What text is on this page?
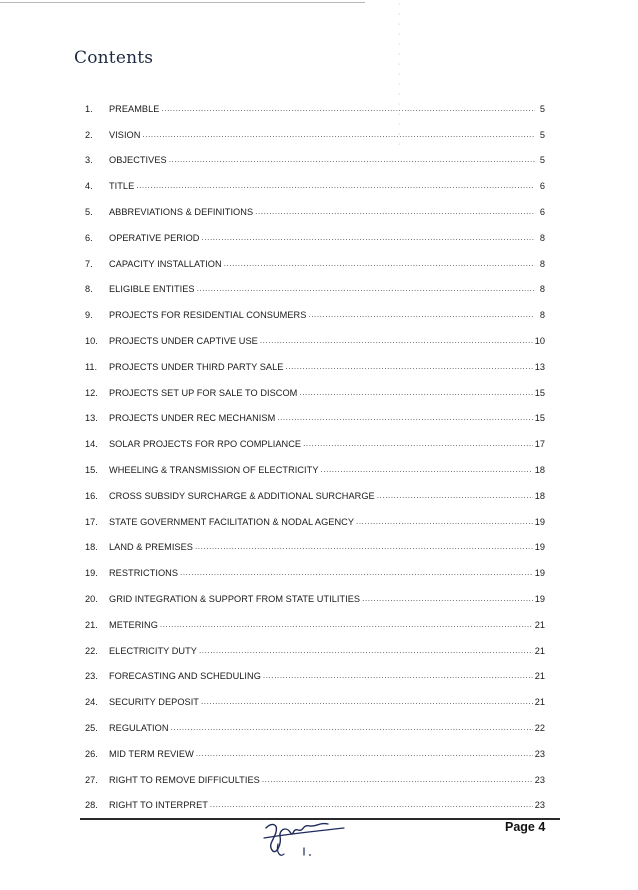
·
·
·
·
·
·
·
·
·
·
·
·
·
·
·
Contents
1.	PREAMBLE .....	5
2.	VISION .....	5
3.	OBJECTIVES .....	5
4.	TITLE .....	6
5.	ABBREVIATIONS & DEFINITIONS .....	6
6.	OPERATIVE PERIOD .....	8
7.	CAPACITY INSTALLATION .....	8
8.	ELIGIBLE ENTITIES .....	8
9.	PROJECTS FOR RESIDENTIAL CONSUMERS .....	8
10.	PROJECTS UNDER CAPTIVE USE .....	10
11.	PROJECTS UNDER THIRD PARTY SALE .....	13
12.	PROJECTS SET UP FOR SALE TO DISCOM .....	15
13.	PROJECTS UNDER REC MECHANISM .....	15
14.	SOLAR PROJECTS FOR RPO COMPLIANCE .....	17
15.	WHEELING & TRANSMISSION OF ELECTRICITY .....	18
16.	CROSS SUBSIDY SURCHARGE & ADDITIONAL SURCHARGE .....	18
17.	STATE GOVERNMENT FACILITATION & NODAL AGENCY .....	19
18.	LAND & PREMISES .....	19
19.	RESTRICTIONS .....	19
20.	GRID INTEGRATION & SUPPORT FROM STATE UTILITIES .....	19
21.	METERING .....	21
22.	ELECTRICITY DUTY .....	21
23.	FORECASTING AND SCHEDULING .....	21
24.	SECURITY DEPOSIT .....	21
25.	REGULATION .....	22
26.	MID TERM REVIEW .....	23
27.	RIGHT TO REMOVE DIFFICULTIES .....	23
28.	RIGHT TO INTERPRET .....	23
Page 4
